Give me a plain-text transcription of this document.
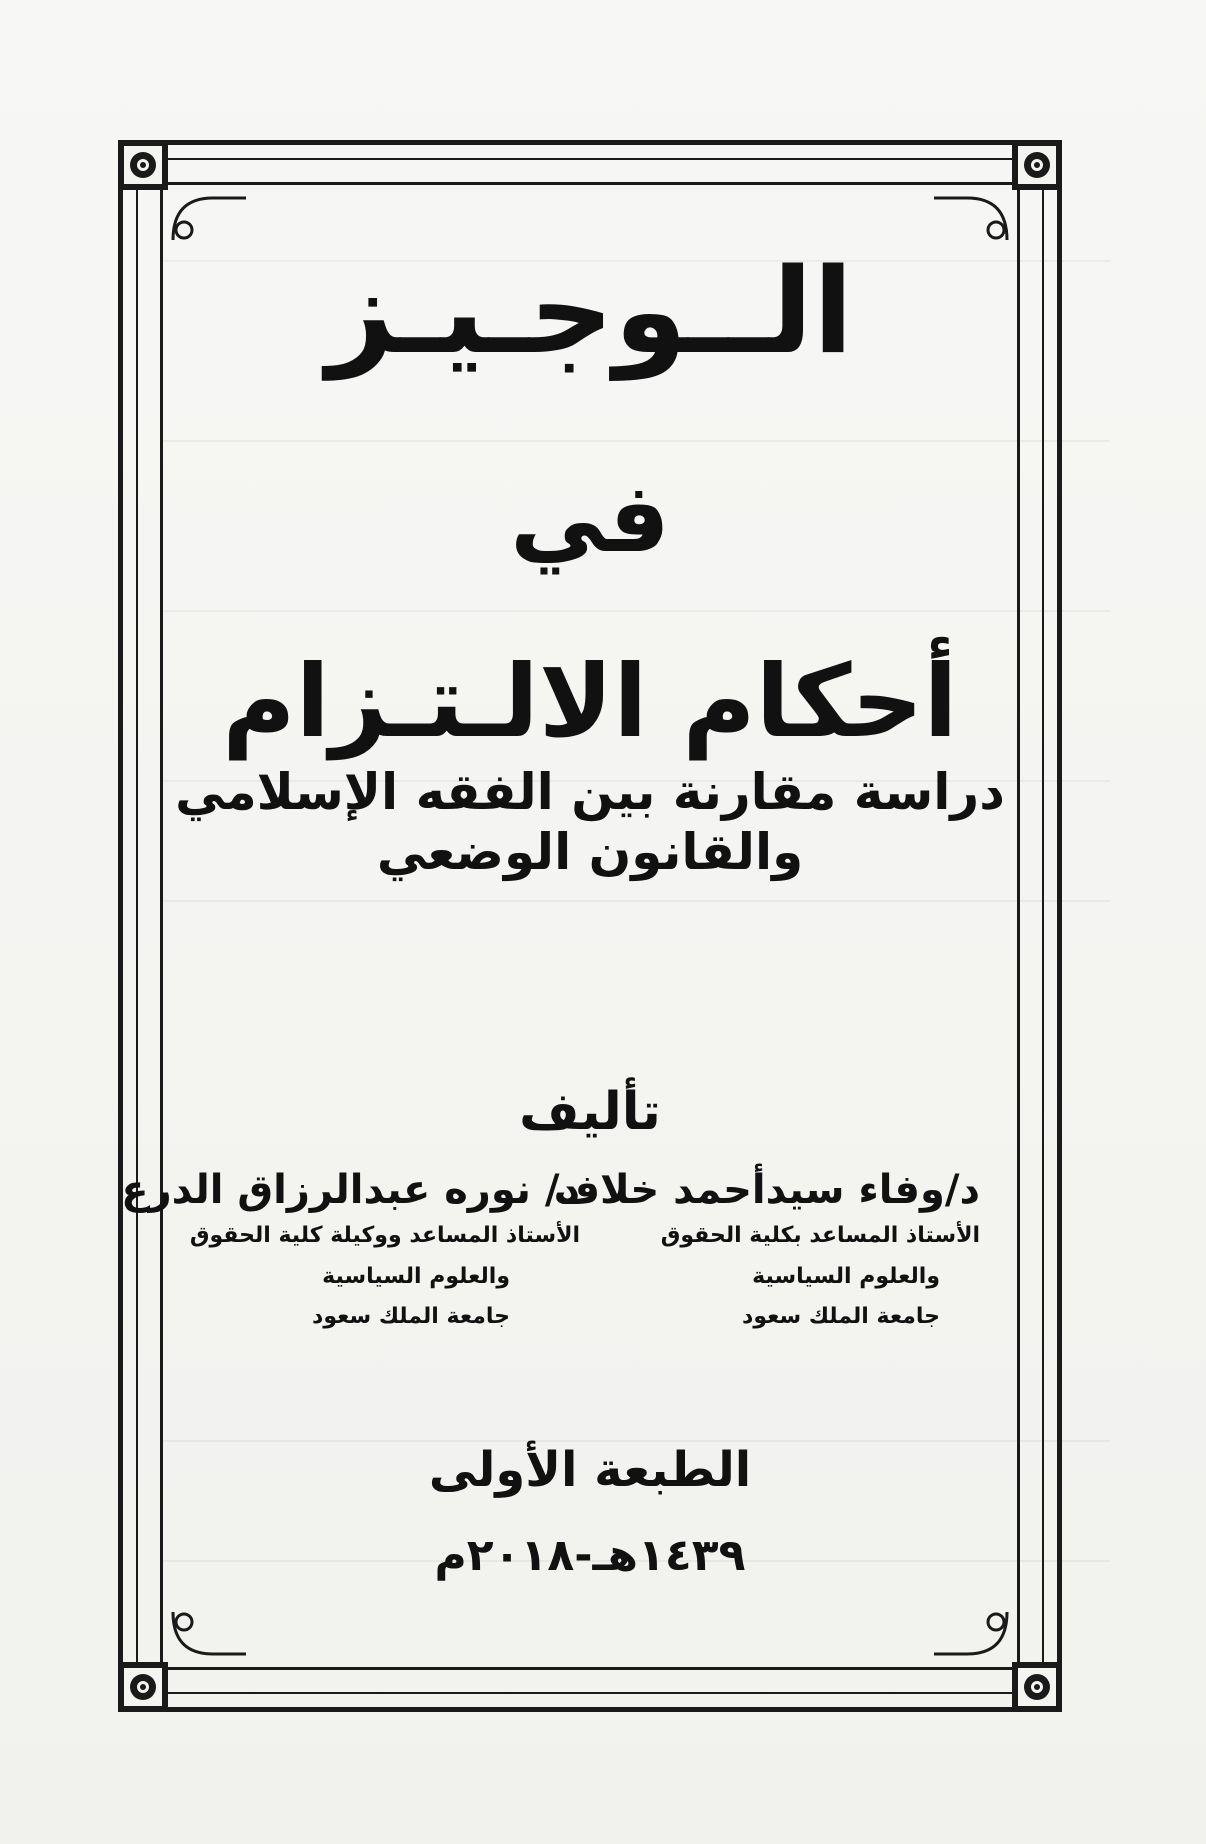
الــوجـيـز
في
أحكام الالـتـزام
دراسة مقارنة بين الفقه الإسلامي والقانون الوضعي
تأليف
د/وفاء سيدأحمد خلاف
الأستاذ المساعد بكلية الحقوق
والعلوم السياسية
جامعة الملك سعود
د/ نوره عبدالرزاق الدرع
الأستاذ المساعد ووكيلة كلية الحقوق
والعلوم السياسية
جامعة الملك سعود
الطبعة الأولى
١٤٣٩هـ-٢٠١٨م
